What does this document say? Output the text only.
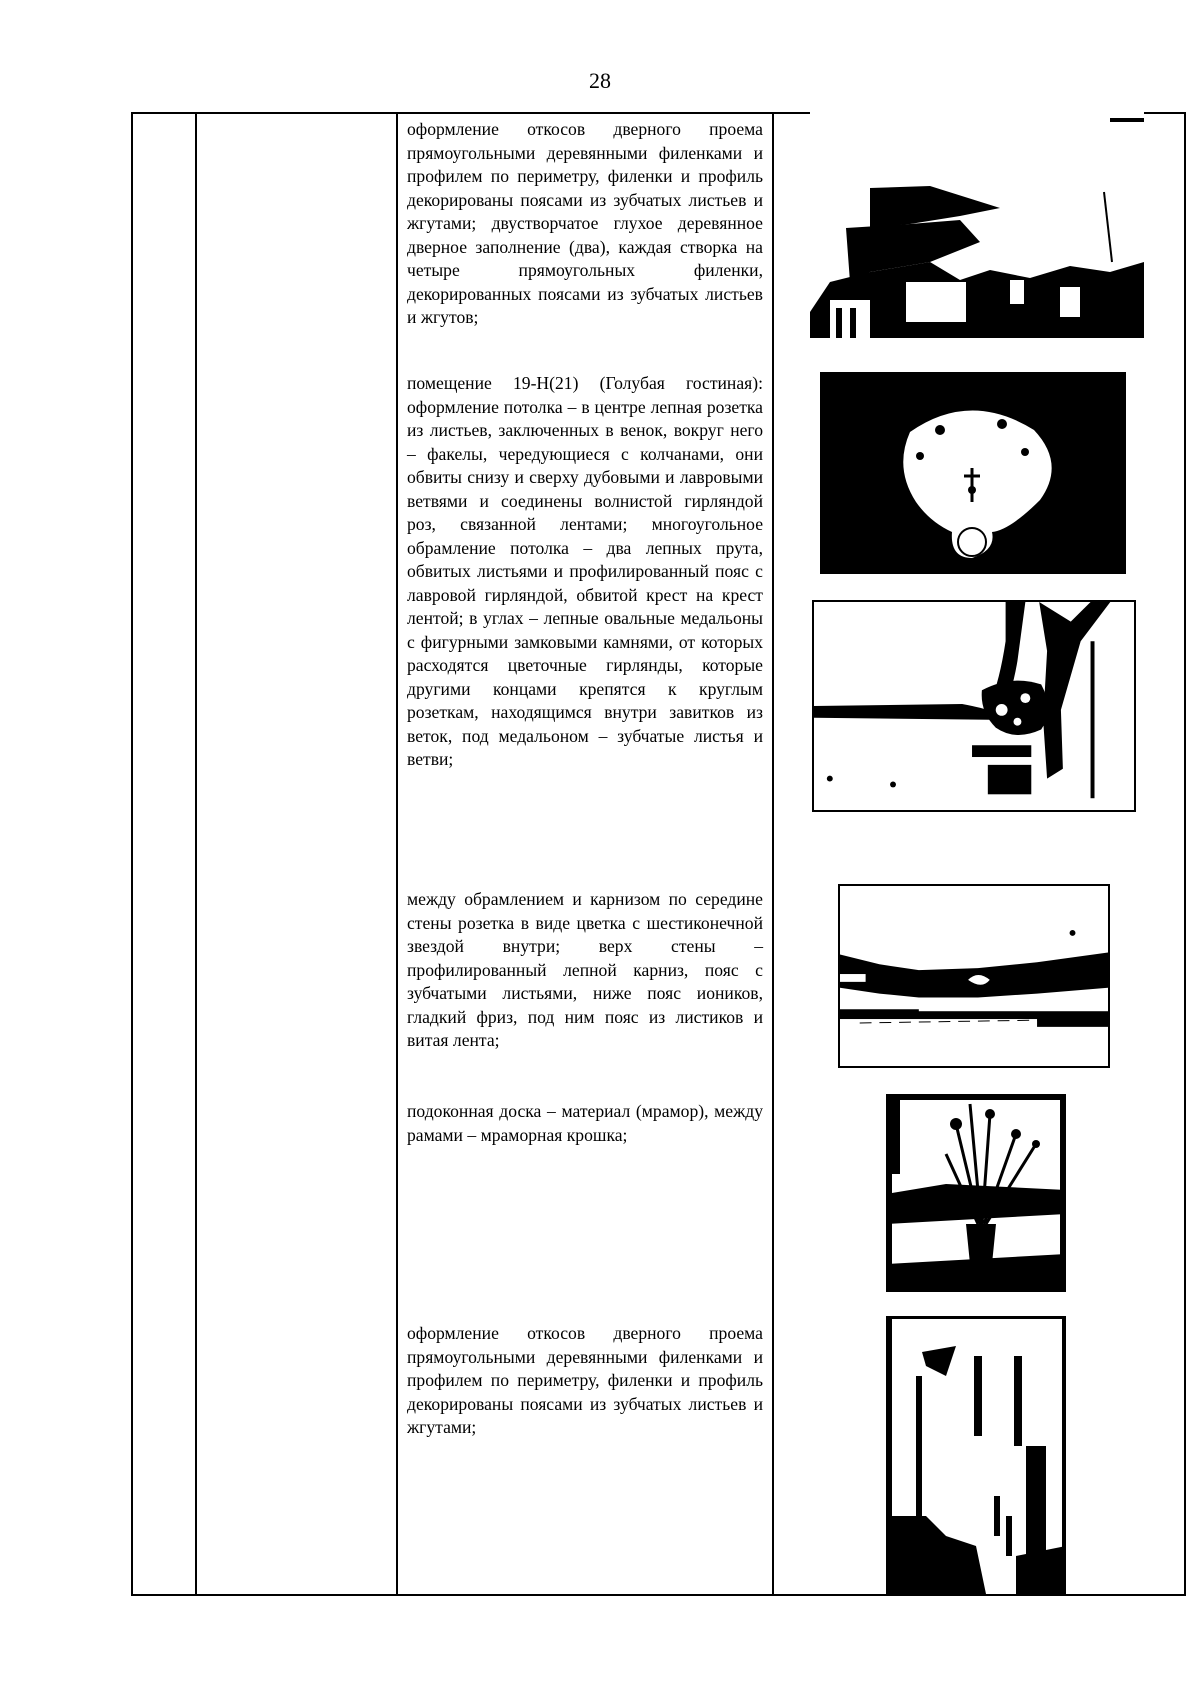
28
оформление откосов дверного проема прямоугольными деревянными филенками и профилем по периметру, филенки и профиль декорированы поясами из зубчатых листьев и жгутами; двустворчатое глухое деревянное дверное заполнение (два), каждая створка на четыре прямоугольных филенки, декорированных поясами из зубчатых листьев и жгутов;
помещение 19-Н(21) (Голубая гостиная): оформление потолка – в центре лепная розетка из листьев, заключенных в венок, вокруг него – факелы, чередующиеся с колчанами, они обвиты снизу и сверху дубовыми и лавровыми ветвями и соединены волнистой гирляндой роз, связанной лентами; многоугольное обрамление потолка – два лепных прута, обвитых листьями и профилированный пояс с лавровой гирляндой, обвитой крест на крест лентой; в углах – лепные овальные медальоны с фигурными замковыми камнями, от которых расходятся цветочные гирлянды, которые другими концами крепятся к круглым розеткам, находящимся внутри завитков из веток, под медальоном – зубчатые листья и ветви;
между обрамлением и карнизом по середине стены розетка в виде цветка с шестиконечной звездой внутри; верх стены – профилированный лепной карниз, пояс с зубчатыми листьями, ниже пояс иоников, гладкий фриз, под ним пояс из листиков и витая лента;
подоконная доска – материал (мрамор), между рамами – мраморная крошка;
оформление откосов дверного проема прямоугольными деревянными филенками и профилем по периметру, филенки и профиль декорированы поясами из зубчатых листьев и жгутами;
